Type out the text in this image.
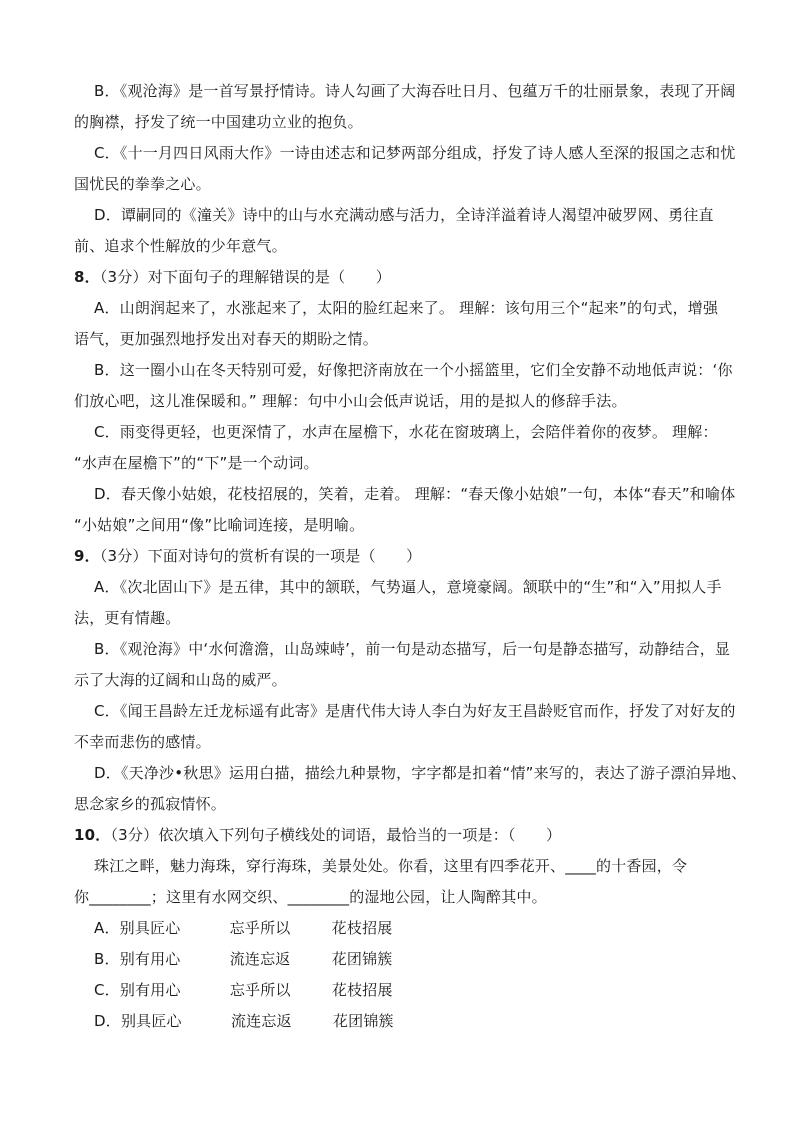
B．《观沧海》是一首写景抒情诗。诗人勾画了大海吞吐日月、包蕴万千的壮丽景象，表现了开阔
的胸襟，抒发了统一中国建功立业的抱负。
C．《十一月四日风雨大作》一诗由述志和记梦两部分组成，抒发了诗人感人至深的报国之志和忧
国忧民的拳拳之心。
D．谭嗣同的《潼关》诗中的山与水充满动感与活力，全诗洋溢着诗人渴望冲破罗网、勇往直
前、追求个性解放的少年意气。
8．（3分）对下面句子的理解错误的是（　　）
A．山朗润起来了，水涨起来了，太阳的脸红起来了。 理解：该句用三个“起来”的句式，增强
语气，更加强烈地抒发出对春天的期盼之情。
B．这一圈小山在冬天特别可爱，好像把济南放在一个小摇篮里，它们全安静不动地低声说：‘你
们放心吧，这儿准保暖和。” 理解：句中小山会低声说话，用的是拟人的修辞手法。
C．雨变得更轻，也更深情了，水声在屋檐下，水花在窗玻璃上，会陪伴着你的夜梦。 理解：
“水声在屋檐下”的“下”是一个动词。
D．春天像小姑娘，花枝招展的，笑着，走着。 理解：“春天像小姑娘”一句，本体“春天”和喻体
“小姑娘”之间用“像”比喻词连接，是明喻。
9．（3分）下面对诗句的赏析有误的一项是（　　）
A．《次北固山下》是五律，其中的颔联，气势逼人，意境豪阔。颔联中的“生”和“入”用拟人手
法，更有情趣。
B．《观沧海》中‘水何澹澹，山岛竦峙’，前一句是动态描写，后一句是静态描写，动静结合，显
示了大海的辽阔和山岛的威严。
C．《闻王昌龄左迁龙标遥有此寄》是唐代伟大诗人李白为好友王昌龄贬官而作，抒发了对好友的
不幸而悲伤的感情。
D．《天净沙•秋思》运用白描，描绘九种景物，字字都是扣着“情”来写的，表达了游子漂泊异地、
思念家乡的孤寂情怀。
10．（3分）依次填入下列句子横线处的词语，最恰当的一项是：（　　）
珠江之畔，魅力海珠，穿行海珠，美景处处。你看，这里有四季花开、____的十香园，令
你________；这里有水网交织、________的湿地公园，让人陶醉其中。
A．别具匠心	忘乎所以	花枝招展
B．别有用心	流连忘返	花团锦簇
C．别有用心	忘乎所以	花枝招展
D．别具匠心	流连忘返	花团锦簇
